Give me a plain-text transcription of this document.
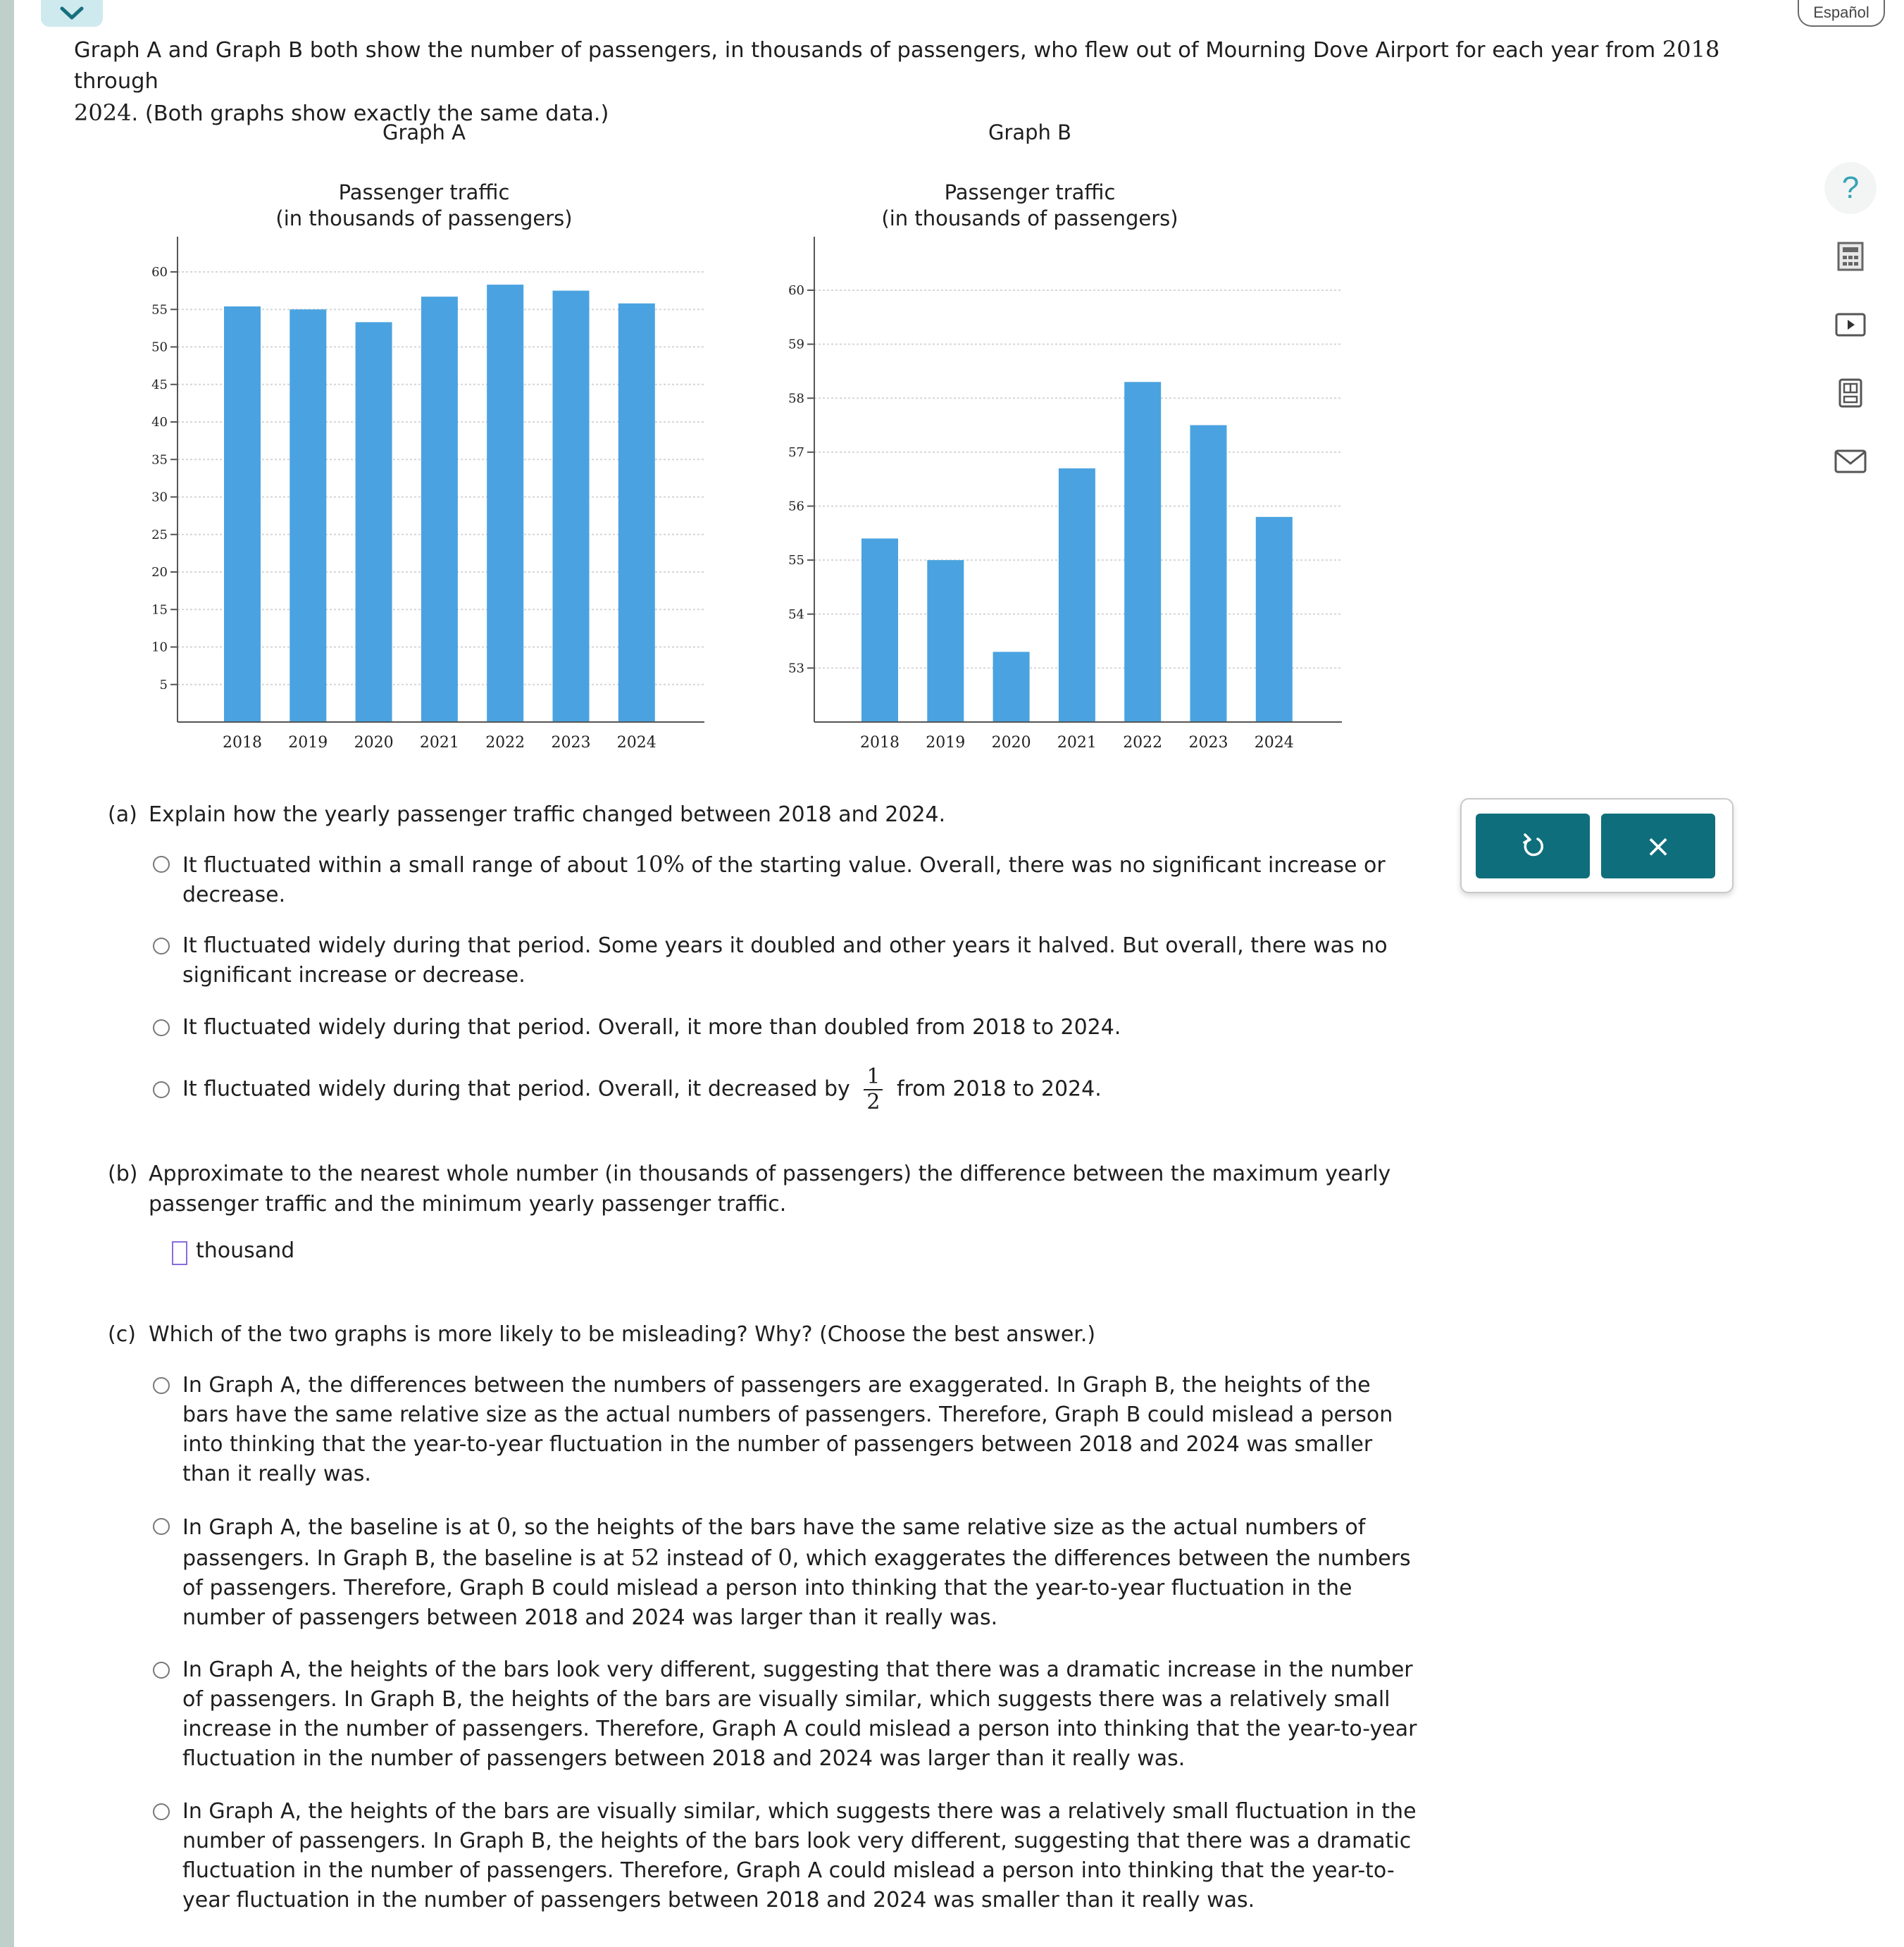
Español
Graph A and Graph B both show the number of passengers, in thousands of passengers, who flew out of Mourning Dove Airport for each year from 2018 through
2024. (Both graphs show exactly the same data.)
Graph A	Graph B
Passenger traffic
(in thousands of passengers)
Passenger traffic
(in thousands of passengers)
5
10
15
20
25
30
35
40
45
50
55
60
2018 2019 2020 2021 2022 2023 2024
53
54
55
56
57
58
59
60
2018 2019 2020 2021 2022 2023 2024
(a) Explain how the yearly passenger traffic changed between 2018 and 2024.
It fluctuated within a small range of about 10% of the starting value. Overall, there was no significant increase or decrease.
It fluctuated widely during that period. Some years it doubled and other years it halved. But overall, there was no significant increase or decrease.
It fluctuated widely during that period. Overall, it more than doubled from 2018 to 2024.
It fluctuated widely during that period. Overall, it decreased by $\frac{1}{2}$ from 2018 to 2024.
×
(b) Approximate to the nearest whole number (in thousands of passengers) the difference between the maximum yearly passenger traffic and the minimum yearly passenger traffic.
thousand
(c) Which of the two graphs is more likely to be misleading? Why? (Choose the best answer.)
In Graph A, the differences between the numbers of passengers are exaggerated. In Graph B, the heights of the bars have the same relative size as the actual numbers of passengers. Therefore, Graph B could mislead a person into thinking that the year-to-year fluctuation in the number of passengers between 2018 and 2024 was smaller than it really was.
In Graph A, the baseline is at 0, so the heights of the bars have the same relative size as the actual numbers of passengers. In Graph B, the baseline is at 52 instead of 0, which exaggerates the differences between the numbers of passengers. Therefore, Graph B could mislead a person into thinking that the year-to-year fluctuation in the number of passengers between 2018 and 2024 was larger than it really was.
In Graph A, the heights of the bars look very different, suggesting that there was a dramatic increase in the number of passengers. In Graph B, the heights of the bars are visually similar, which suggests there was a relatively small increase in the number of passengers. Therefore, Graph A could mislead a person into thinking that the year-to-year fluctuation in the number of passengers between 2018 and 2024 was larger than it really was.
In Graph A, the heights of the bars are visually similar, which suggests there was a relatively small fluctuation in the number of passengers. In Graph B, the heights of the bars look very different, suggesting that there was a dramatic fluctuation in the number of passengers. Therefore, Graph A could mislead a person into thinking that the year-to-year fluctuation in the number of passengers between 2018 and 2024 was smaller than it really was.
?
